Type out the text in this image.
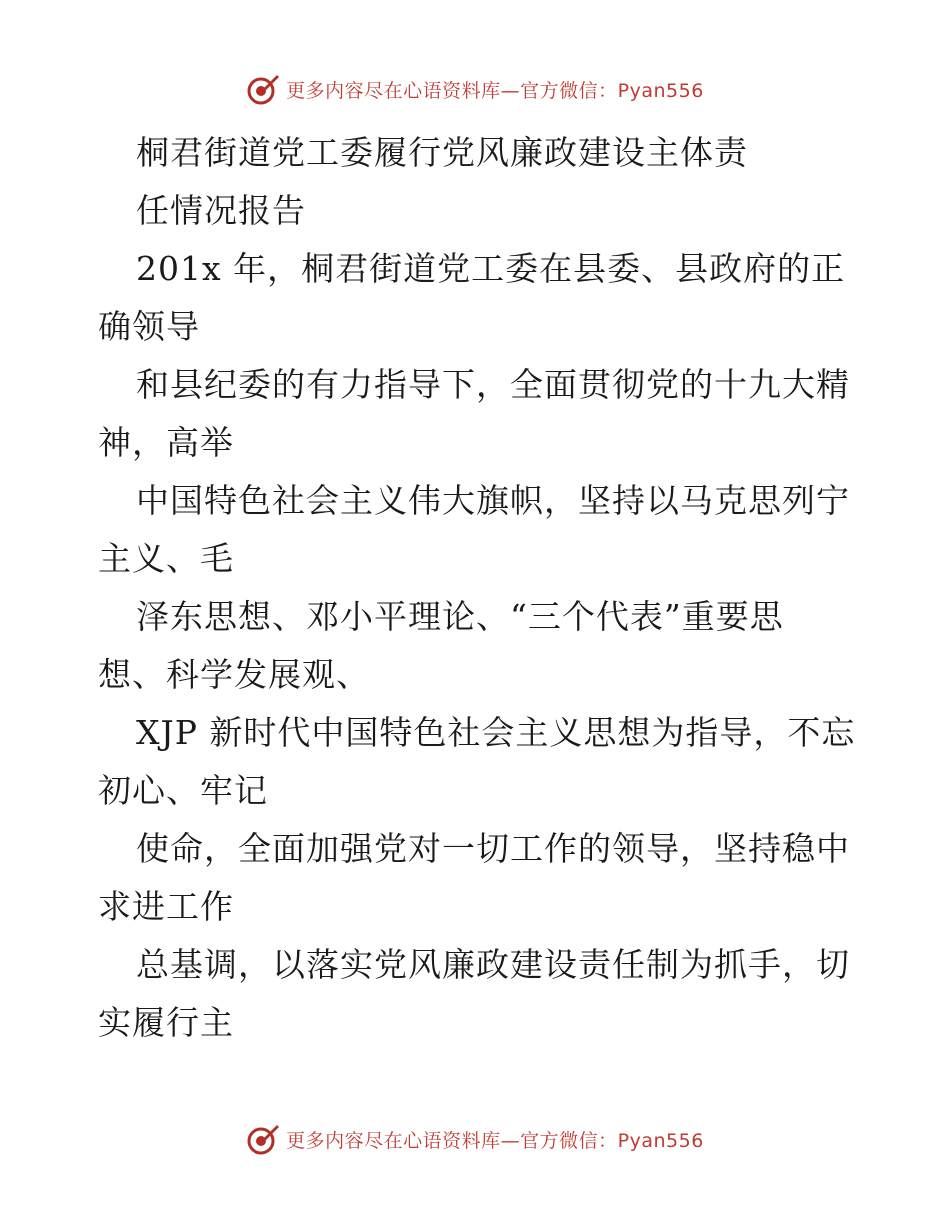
更多内容尽在心语资料库—官方微信：Pyan556
桐君街道党工委履行党风廉政建设主体责
任情况报告
201x 年，桐君街道党工委在县委、县政府的正
确领导
和县纪委的有力指导下，全面贯彻党的十九大精
神，高举
中国特色社会主义伟大旗帜，坚持以马克思列宁
主义、毛
泽东思想、邓小平理论、“三个代表”重要思
想、科学发展观、
XJP 新时代中国特色社会主义思想为指导，不忘
初心、牢记
使命，全面加强党对一切工作的领导，坚持稳中
求进工作
总基调，以落实党风廉政建设责任制为抓手，切
实履行主
更多内容尽在心语资料库—官方微信：Pyan556
